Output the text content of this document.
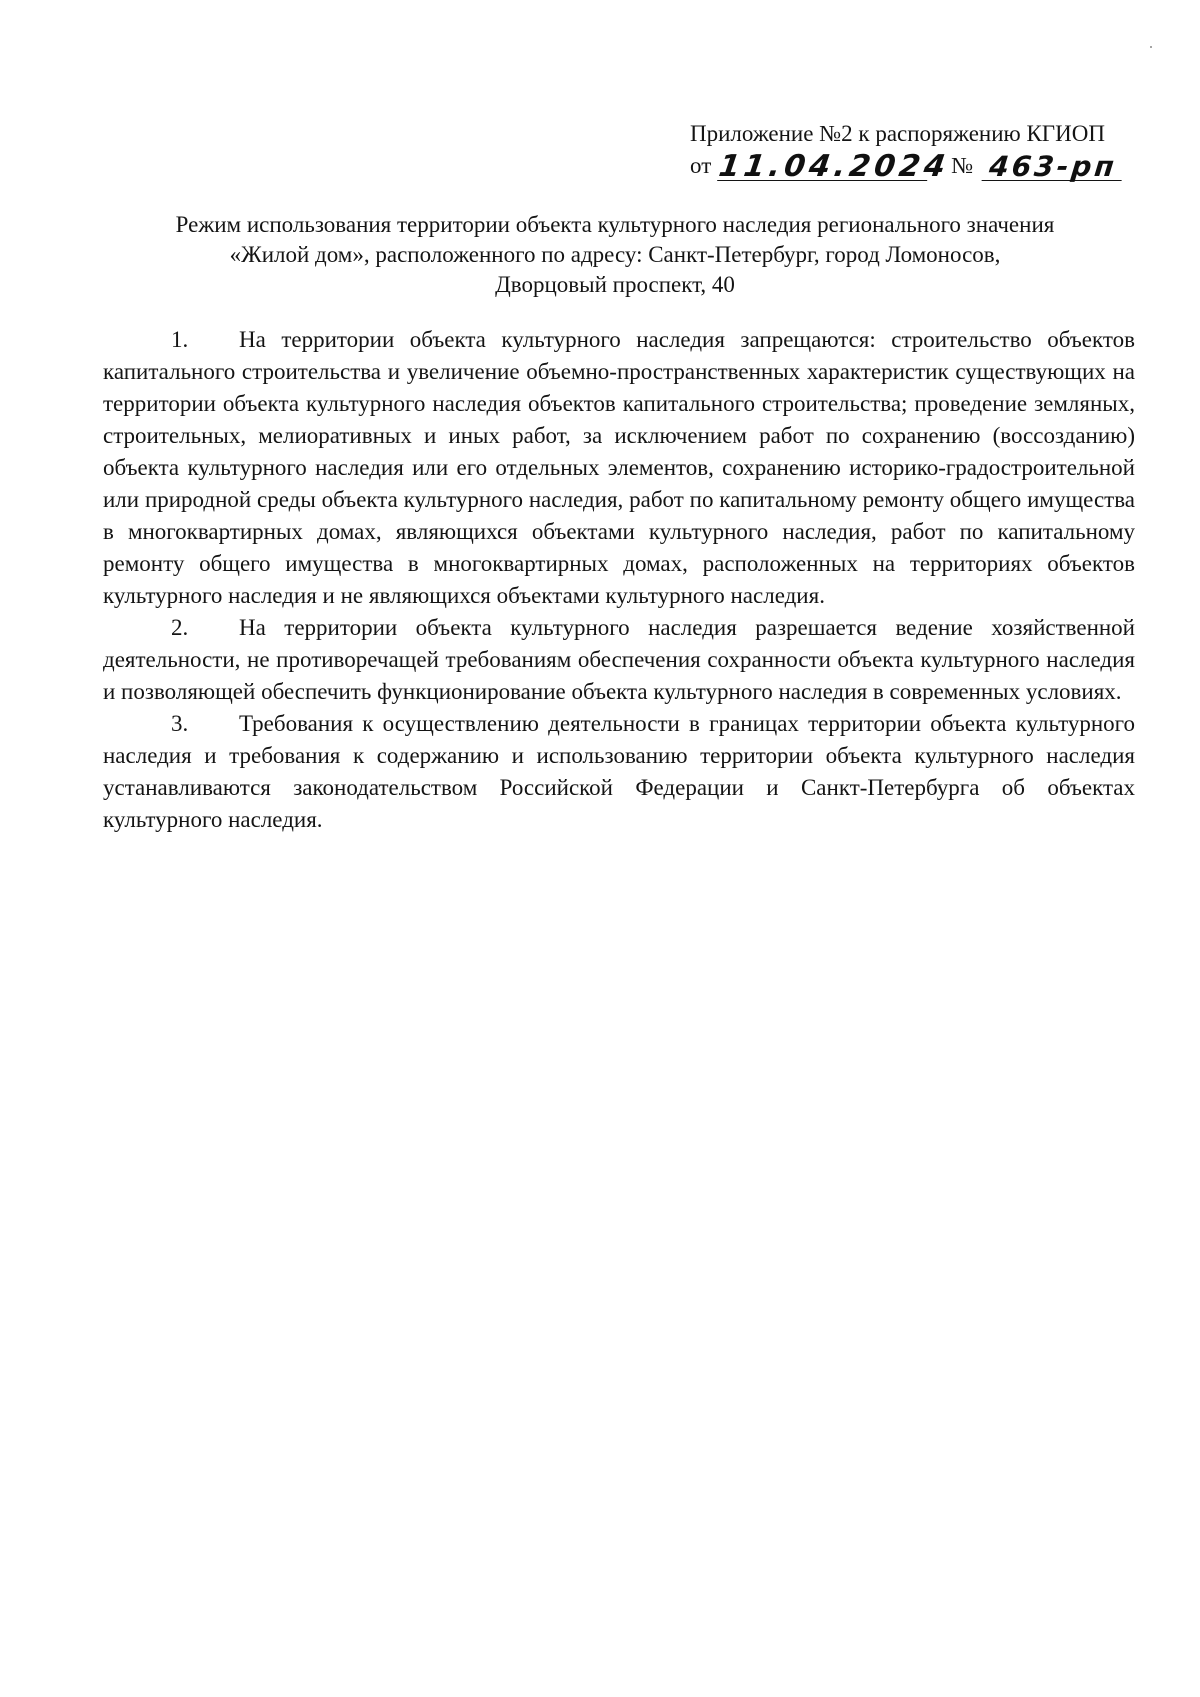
Приложение №2 к распоряжению КГИОП
от 11.04.2024 № 463-рп
Режим использования территории объекта культурного наследия регионального значения
«Жилой дом», расположенного по адресу: Санкт-Петербург, город Ломоносов,
Дворцовый проспект, 40

1. На территории объекта культурного наследия запрещаются: строительство объектов капитального строительства и увеличение объемно-пространственных характеристик существующих на территории объекта культурного наследия объектов капитального строительства; проведение земляных, строительных, мелиоративных и иных работ, за исключением работ по сохранению (воссозданию) объекта культурного наследия или его отдельных элементов, сохранению историко-градостроительной или природной среды объекта культурного наследия, работ по капитальному ремонту общего имущества в многоквартирных домах, являющихся объектами культурного наследия, работ по капитальному ремонту общего имущества в многоквартирных домах, расположенных на территориях объектов культурного наследия и не являющихся объектами культурного наследия.

2. На территории объекта культурного наследия разрешается ведение хозяйственной деятельности, не противоречащей требованиям обеспечения сохранности объекта культурного наследия и позволяющей обеспечить функционирование объекта культурного наследия в современных условиях.

3. Требования к осуществлению деятельности в границах территории объекта культурного наследия и требования к содержанию и использованию территории объекта культурного наследия устанавливаются законодательством Российской Федерации и Санкт-Петербурга об объектах культурного наследия.
